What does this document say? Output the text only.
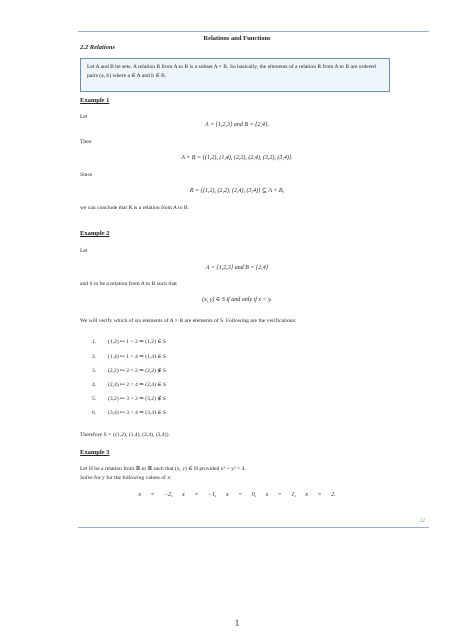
Relations and Functions
2.2 Relations
Let A and B be sets. A relation R from A to B is a subset A × B. So basically, the elements of a relation R from A to B are ordered pairs (a, b) where a ∈ A and b ∈ B.
Example 1
Let
A = {1,2,3} and B = {2,4}.
Then
A × B = {(1,2), (1,4), (2,2), (2,4), (3,2), (3,4)}.
Since
R = {(1,2), (2,2), (2,4), (3,4)} ⊆ A × B,
we can conclude that R is a relation from A to B.
Example 2
Let
A = {1,2,3} and B = {2,4}
and S to be a relation from A to B such that
(x, y) ∈ S if and only if x < y.
We will verify which of six elements of A × B are elements of S. Following are the verifications:
1. (1,2) ↦ 1 < 2 ⇒ (1,2) ∈ S
2. (1,4) ↦ 1 < 4 ⇒ (1,4) ∈ S
3. (2,2) ↦ 2 = 2 ⇒ (2,2) ∉ S
4. (2,4) ↦ 2 < 4 ⇒ (2,4) ∈ S
5. (3,2) ↦ 3 > 2 ⇒ (3,2) ∉ S
6. (3,4) ↦ 3 < 4 ⇒ (3,4) ∈ S
Therefore S = {(1,2), (1,4), (2,4), (3,4)}.
Example 3
Let H be a relation from ℝ to ℝ such that (x, y) ∈ H provided x² + y² = 4.
Solve for y for the following values of x:
x = −2, x = −1, x = 0, x = 1, x = 2.
22
1
